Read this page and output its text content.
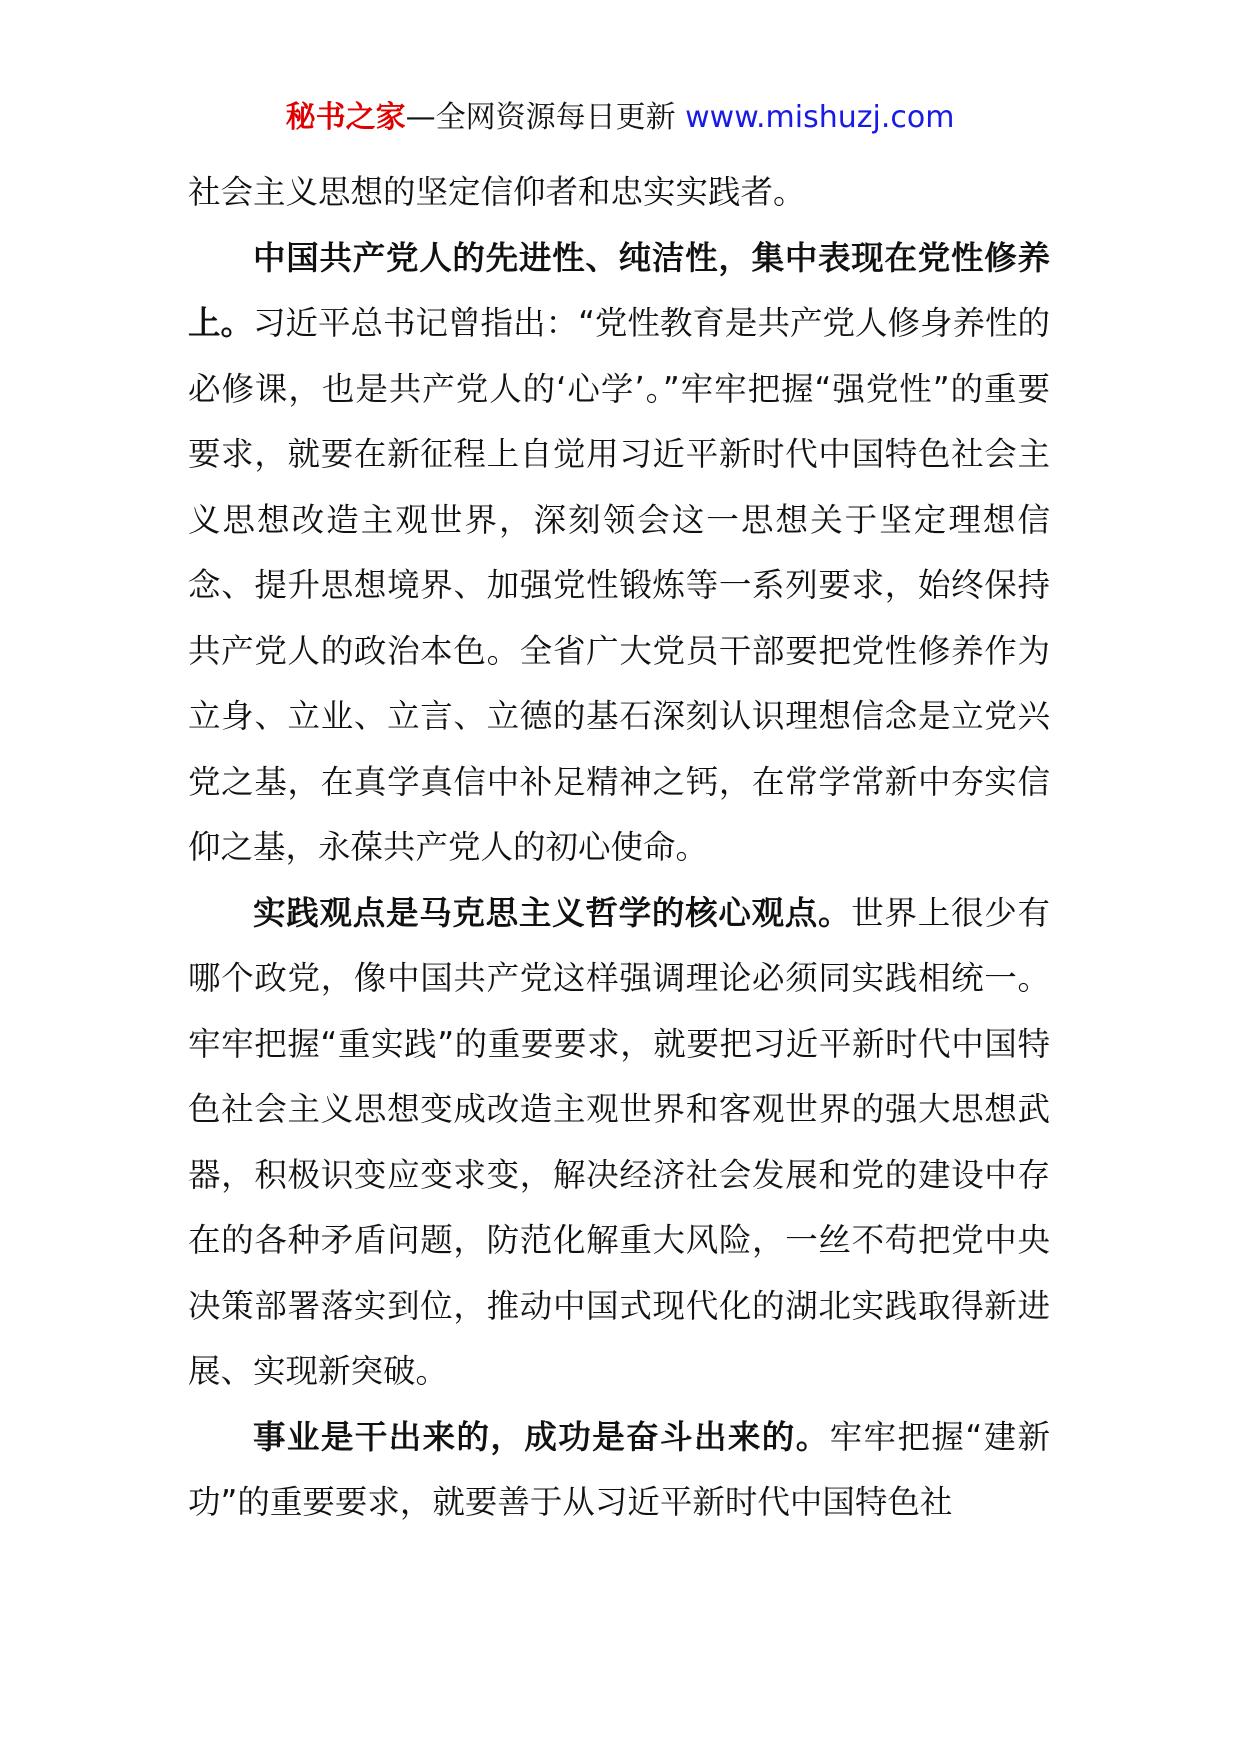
秘书之家—全网资源每日更新 www.mishuzj.com

社会主义思想的坚定信仰者和忠实实践者。

中国共产党人的先进性、纯洁性，集中表现在党性修养上。习近平总书记曾指出：“党性教育是共产党人修身养性的必修课，也是共产党人的‘心学’。”牢牢把握“强党性”的重要要求，就要在新征程上自觉用习近平新时代中国特色社会主义思想改造主观世界，深刻领会这一思想关于坚定理想信念、提升思想境界、加强党性锻炼等一系列要求，始终保持共产党人的政治本色。全省广大党员干部要把党性修养作为立身、立业、立言、立德的基石深刻认识理想信念是立党兴党之基，在真学真信中补足精神之钙，在常学常新中夯实信仰之基，永葆共产党人的初心使命。

实践观点是马克思主义哲学的核心观点。世界上很少有哪个政党，像中国共产党这样强调理论必须同实践相统一。牢牢把握“重实践”的重要要求，就要把习近平新时代中国特色社会主义思想变成改造主观世界和客观世界的强大思想武器，积极识变应变求变，解决经济社会发展和党的建设中存在的各种矛盾问题，防范化解重大风险，一丝不苟把党中央决策部署落实到位，推动中国式现代化的湖北实践取得新进展、实现新突破。

事业是干出来的，成功是奋斗出来的。牢牢把握“建新功”的重要要求，就要善于从习近平新时代中国特色社
